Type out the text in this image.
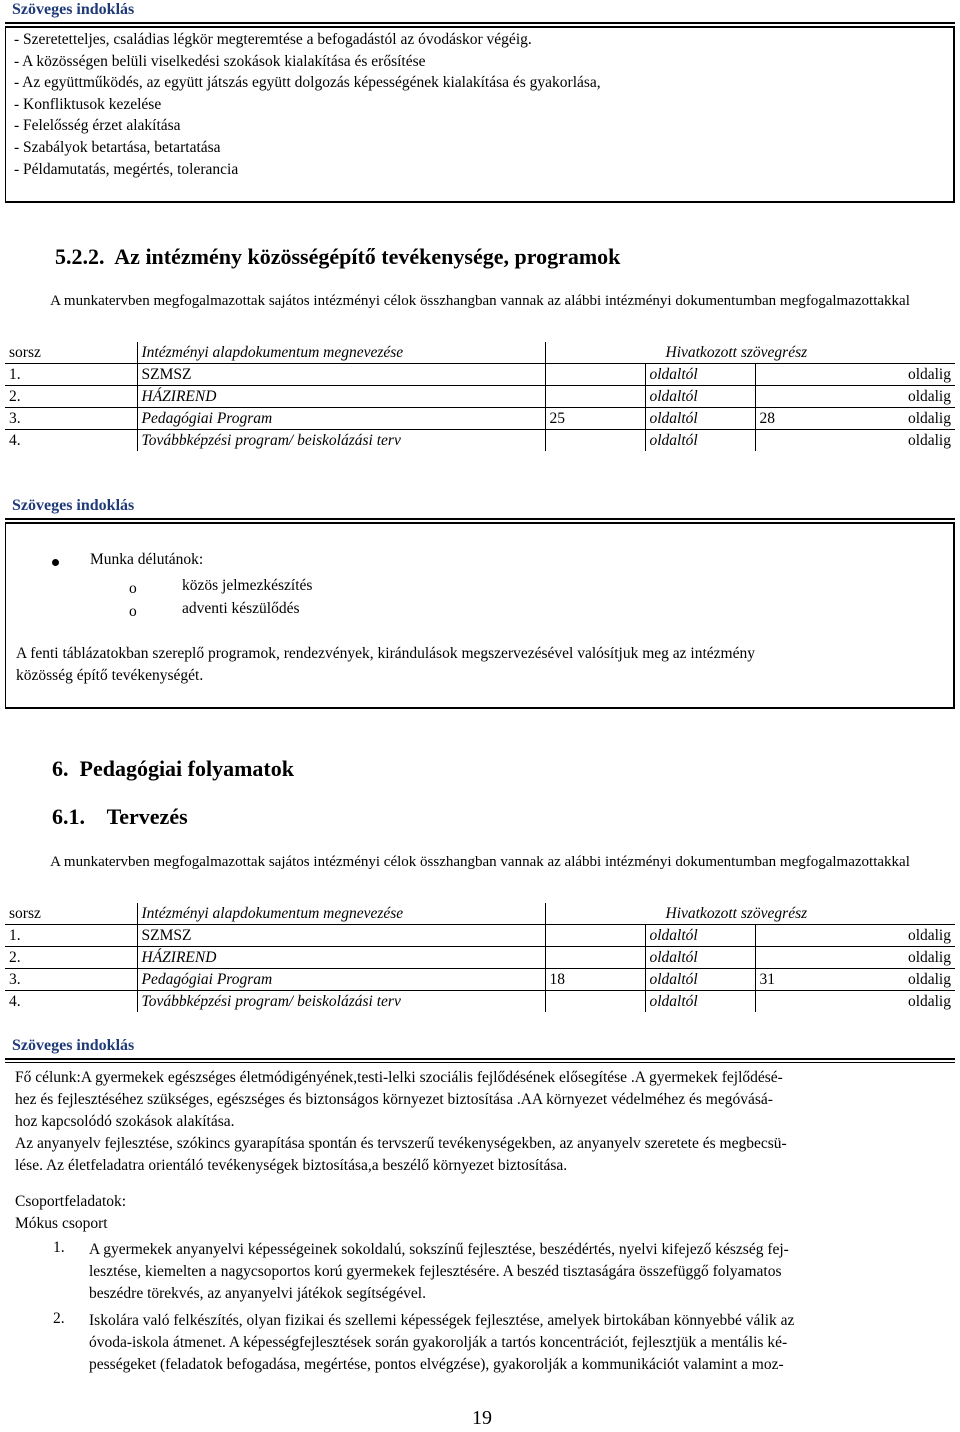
Szöveges indoklás
- Szeretetteljes, családias légkör megteremtése a befogadástól az óvodáskor végéig.
- A közösségen belüli viselkedési szokások kialakítása és erősítése
- Az együttműködés, az együtt játszás együtt dolgozás képességének kialakítása és gyakorlása,
- Konfliktusok kezelése
- Felelősség érzet alakítása
- Szabályok betartása, betartatása
- Példamutatás, megértés, tolerancia
5.2.2.  Az intézmény közösségépítő tevékenysége, programok
A munkatervben megfogalmazottak sajátos intézményi célok összhangban vannak az alábbi intézményi dokumentumban megfogalmazottakkal
sorsz	Intézményi alapdokumentum megnevezése	Hivatkozott szövegrész		
1.	SZMSZ		oldaltól	oldalig
2.	HÁZIREND		oldaltól	oldalig
3.	Pedagógiai Program	25	oldaltól	28 oldalig

4.	Továbbképzési program/ beiskolázási terv		oldaltól	oldalig
Szöveges indoklás
Munka délutánok:
o	közös jelmezkészítés
o	adventi készülődés
A fenti táblázatokban szereplő programok, rendezvények, kirándulások megszervezésével valósítjuk meg az intézmény
közösség építő tevékenységét.
6.  Pedagógiai folyamatok
6.1.    Tervezés
A munkatervben megfogalmazottak sajátos intézményi célok összhangban vannak az alábbi intézményi dokumentumban megfogalmazottakkal
sorsz	Intézményi alapdokumentum megnevezése	Hivatkozott szövegrész		
1.	SZMSZ		oldaltól	oldalig
2.	HÁZIREND		oldaltól	oldalig
3.	Pedagógiai Program	18	oldaltól	31 oldalig

4.	Továbbképzési program/ beiskolázási terv		oldaltól	oldalig
Szöveges indoklás
Fő célunk:A gyermekek egészséges életmódigényének,testi-lelki szociális fejlődésének elősegítése .A gyermekek fejlődésé-
hez és fejlesztéséhez szükséges, egészséges és biztonságos környezet biztosítása .AA környezet védelméhez és megóvásá-
hoz kapcsolódó szokások alakítása.
Az anyanyelv fejlesztése, szókincs gyarapítása spontán és tervszerű tevékenységekben, az anyanyelv szeretete és megbecsü-
lése. Az életfeladatra orientáló tevékenységek biztosítása,a beszélő környezet biztosítása.
Csoportfeladatok:
Mókus csoport
1. A gyermekek anyanyelvi képességeinek sokoldalú, sokszínű fejlesztése, beszédértés, nyelvi kifejező készség fej-
lesztése, kiemelten a nagycsoportos korú gyermekek fejlesztésére. A beszéd tisztaságára összefüggő folyamatos
beszédre törekvés, az anyanyelvi játékok segítségével.
2. Iskolára való felkészítés, olyan fizikai és szellemi képességek fejlesztése, amelyek birtokában könnyebbé válik az
óvoda-iskola átmenet. A képességfejlesztések során gyakorolják a tartós koncentrációt, fejlesztjük a mentális ké-
pességeket (feladatok befogadása, megértése, pontos elvégzése), gyakorolják a kommunikációt valamint a moz-
19
